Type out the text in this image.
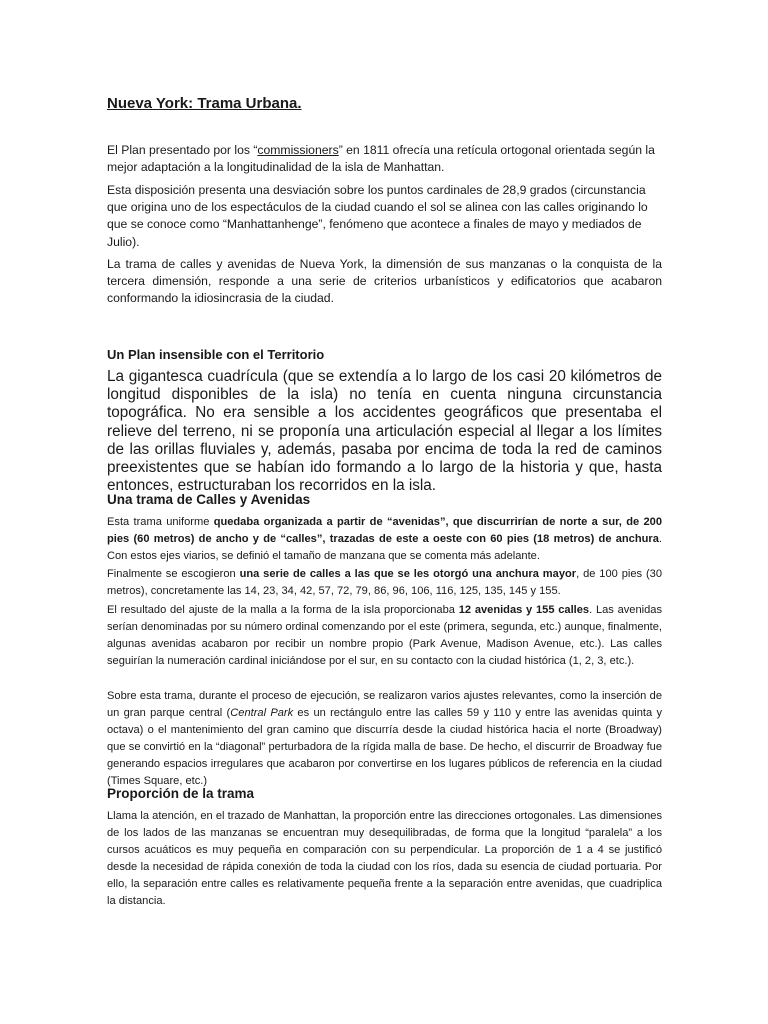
Nueva York: Trama Urbana.

El Plan presentado por los “commissioners” en 1811 ofrecía una retícula ortogonal orientada según la mejor adaptación a la longitudinalidad de la isla de Manhattan.

Esta disposición presenta una desviación sobre los puntos cardinales de 28,9 grados (circunstancia que origina uno de los espectáculos de la ciudad cuando el sol se alinea con las calles originando lo que se conoce como “Manhattanhenge”, fenómeno que acontece a finales de mayo y mediados de Julio).

La trama de calles y avenidas de Nueva York, la dimensión de sus manzanas o la conquista de la tercera dimensión, responde a una serie de criterios urbanísticos y edificatorios que acabaron conformando la idiosincrasia de la ciudad.

Un Plan insensible con el Territorio

La gigantesca cuadrícula (que se extendía a lo largo de los casi 20 kilómetros de longitud disponibles de la isla) no tenía en cuenta ninguna circunstancia topográfica. No era sensible a los accidentes geográficos que presentaba el relieve del terreno, ni se proponía una articulación especial al llegar a los límites de las orillas fluviales y, además, pasaba por encima de toda la red de caminos preexistentes que se habían ido formando a lo largo de la historia y que, hasta entonces, estructuraban los recorridos en la isla.

Una trama de Calles y Avenidas

Esta trama uniforme quedaba organizada a partir de “avenidas”, que discurrirían de norte a sur, de 200 pies (60 metros) de ancho y de “calles”, trazadas de este a oeste con 60 pies (18 metros) de anchura. Con estos ejes viarios, se definió el tamaño de manzana que se comenta más adelante.

Finalmente se escogieron una serie de calles a las que se les otorgó una anchura mayor, de 100 pies (30 metros), concretamente las 14, 23, 34, 42, 57, 72, 79, 86, 96, 106, 116, 125, 135, 145 y 155.

El resultado del ajuste de la malla a la forma de la isla proporcionaba 12 avenidas y 155 calles. Las avenidas serían denominadas por su número ordinal comenzando por el este (primera, segunda, etc.) aunque, finalmente, algunas avenidas acabaron por recibir un nombre propio (Park Avenue, Madison Avenue, etc.). Las calles seguirían la numeración cardinal iniciándose por el sur, en su contacto con la ciudad histórica (1, 2, 3, etc.).

Sobre esta trama, durante el proceso de ejecución, se realizaron varios ajustes relevantes, como la inserción de un gran parque central (Central Park es un rectángulo entre las calles 59 y 110 y entre las avenidas quinta y octava) o el mantenimiento del gran camino que discurría desde la ciudad histórica hacia el norte (Broadway) que se convirtió en la “diagonal” perturbadora de la rígida malla de base. De hecho, el discurrir de Broadway fue generando espacios irregulares que acabaron por convertirse en los lugares públicos de referencia en la ciudad (Times Square, etc.)

Proporción de la trama

Llama la atención, en el trazado de Manhattan, la proporción entre las direcciones ortogonales. Las dimensiones de los lados de las manzanas se encuentran muy desequilibradas, de forma que la longitud “paralela” a los cursos acuáticos es muy pequeña en comparación con su perpendicular. La proporción de 1 a 4 se justificó desde la necesidad de rápida conexión de toda la ciudad con los ríos, dada su esencia de ciudad portuaria. Por ello, la separación entre calles es relativamente pequeña frente a la separación entre avenidas, que cuadriplica la distancia.
